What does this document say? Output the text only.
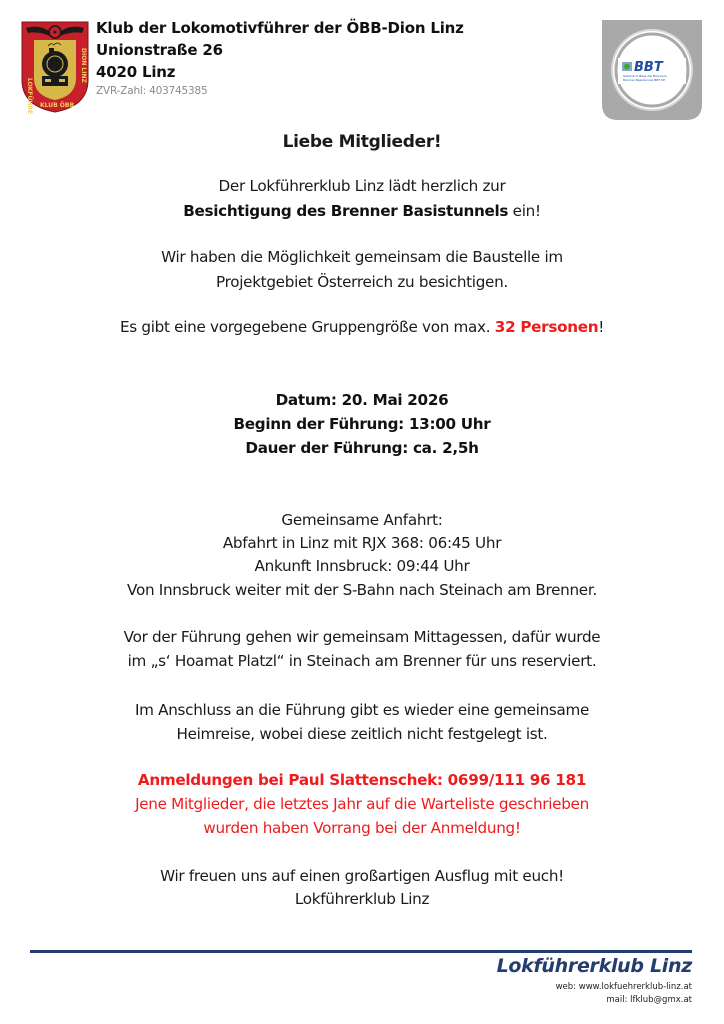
LOKFÜHRER
DION LINZ
KLUB ÖBB
Klub der Lokomotivführer der ÖBB-Dion Linz
Unionstraße 26
4020 Linz
ZVR-Zahl: 403745385
BBT
Galleria di Base del Brennero
Brenner Basistunnel BBT SE
Liebe Mitglieder!
Der Lokführerklub Linz lädt herzlich zur
Besichtigung des Brenner Basistunnels ein!
Wir haben die Möglichkeit gemeinsam die Baustelle im
Projektgebiet Österreich zu besichtigen.
Es gibt eine vorgegebene Gruppengröße von max. 32 Personen!
Datum: 20. Mai 2026
Beginn der Führung: 13:00 Uhr
Dauer der Führung: ca. 2,5h
Gemeinsame Anfahrt:
Abfahrt in Linz mit RJX 368: 06:45 Uhr
Ankunft Innsbruck: 09:44 Uhr
Von Innsbruck weiter mit der S-Bahn nach Steinach am Brenner.
Vor der Führung gehen wir gemeinsam Mittagessen, dafür wurde
im „s‘ Hoamat Platzl“ in Steinach am Brenner für uns reserviert.
Im Anschluss an die Führung gibt es wieder eine gemeinsame
Heimreise, wobei diese zeitlich nicht festgelegt ist.
Anmeldungen bei Paul Slattenschek: 0699/111 96 181
Jene Mitglieder, die letztes Jahr auf die Warteliste geschrieben
wurden haben Vorrang bei der Anmeldung!
Wir freuen uns auf einen großartigen Ausflug mit euch!
Lokführerklub Linz
Lokführerklub Linz
web: www.lokfuehrerklub-linz.at
mail: lfklub@gmx.at
